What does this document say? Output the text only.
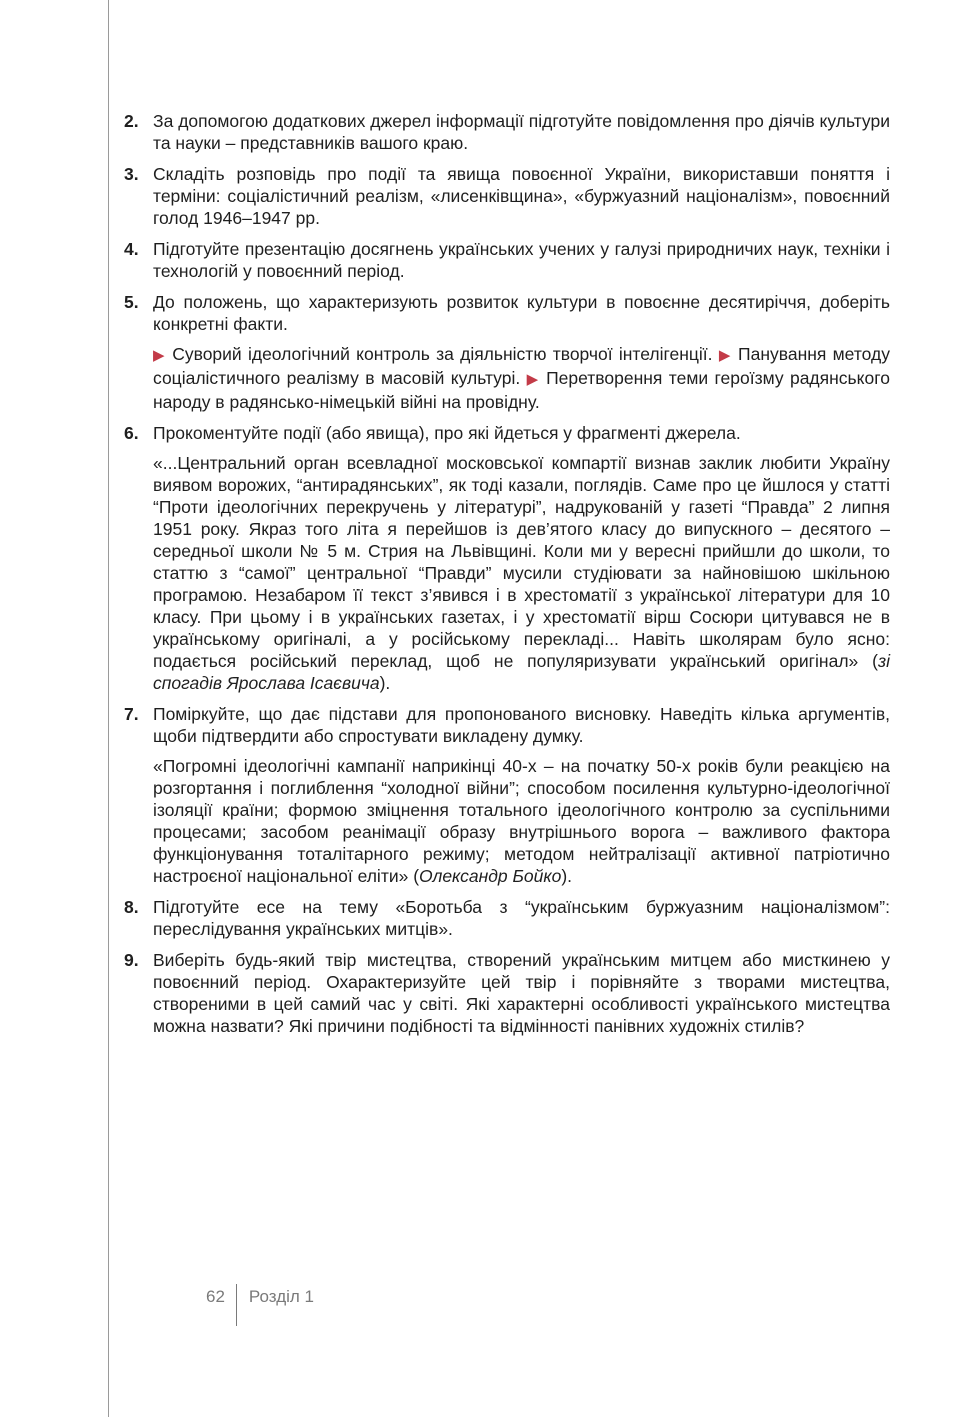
2. За допомогою додаткових джерел інформації підготуйте повідомлення про діячів культури та науки – представників вашого краю.

3. Складіть розповідь про події та явища повоєнної України, використавши поняття і терміни: соціалістичний реалізм, «лисенківщина», «буржуазний націоналізм», повоєнний голод 1946–1947 рр.

4. Підготуйте презентацію досягнень українських учених у галузі природничих наук, техніки і технологій у повоєнний період.

5. До положень, що характеризують розвиток культури в повоєнне десятиріччя, доберіть конкретні факти.

▶ Суворий ідеологічний контроль за діяльністю творчої інтелігенції. ▶ Панування методу соціалістичного реалізму в масовій культурі. ▶ Перетворення теми героїзму радянського народу в радянсько-німецькій війні на провідну.

6. Прокоментуйте події (або явища), про які йдеться у фрагменті джерела.

«...Центральний орган всевладної московської компартії визнав заклик любити Україну виявом ворожих, “антирадянських”, як тоді казали, поглядів. Саме про це йшлося у статті “Проти ідеологічних перекручень у літературі”, надрукованій у газеті “Правда” 2 липня 1951 року. Якраз того літа я перейшов із дев’ятого класу до випускного – десятого – середньої школи № 5 м. Стрия на Львівщині. Коли ми у вересні прийшли до школи, то статтю з “самої” центральної “Правди” мусили студіювати за найновішою шкільною програмою. Незабаром її текст з’явився і в хрестоматії з української літератури для 10 класу. При цьому і в українських газетах, і у хрестоматії вірш Сосюри цитувався не в українському оригіналі, а у російському перекладі... Навіть школярам було ясно: подається російський переклад, щоб не популяризувати український оригінал» (зі спогадів Ярослава Ісаєвича).

7. Поміркуйте, що дає підстави для пропонованого висновку. Наведіть кілька аргументів, щоби підтвердити або спростувати викладену думку.

«Погромні ідеологічні кампанії наприкінці 40-х – на початку 50-х років були реакцією на розгортання і поглиблення “холодної війни”; способом посилення культурно-ідеологічної ізоляції країни; формою зміцнення тотального ідеологічного контролю за суспільними процесами; засобом реанімації образу внутрішнього ворога – важливого фактора функціонування тоталітарного режиму; методом нейтралізації активної патріотично настроєної національної еліти» (Олександр Бойко).

8. Підготуйте есе на тему «Боротьба з “українським буржуазним націоналізмом”: переслідування українських митців».

9. Виберіть будь-який твір мистецтва, створений українським митцем або мисткинею у повоєнний період. Охарактеризуйте цей твір і порівняйте з творами мистецтва, створеними в цей самий час у світі. Які характерні особливості українського мистецтва можна назвати? Які причини подібності та відмінності панівних художніх стилів?

62 Розділ 1
